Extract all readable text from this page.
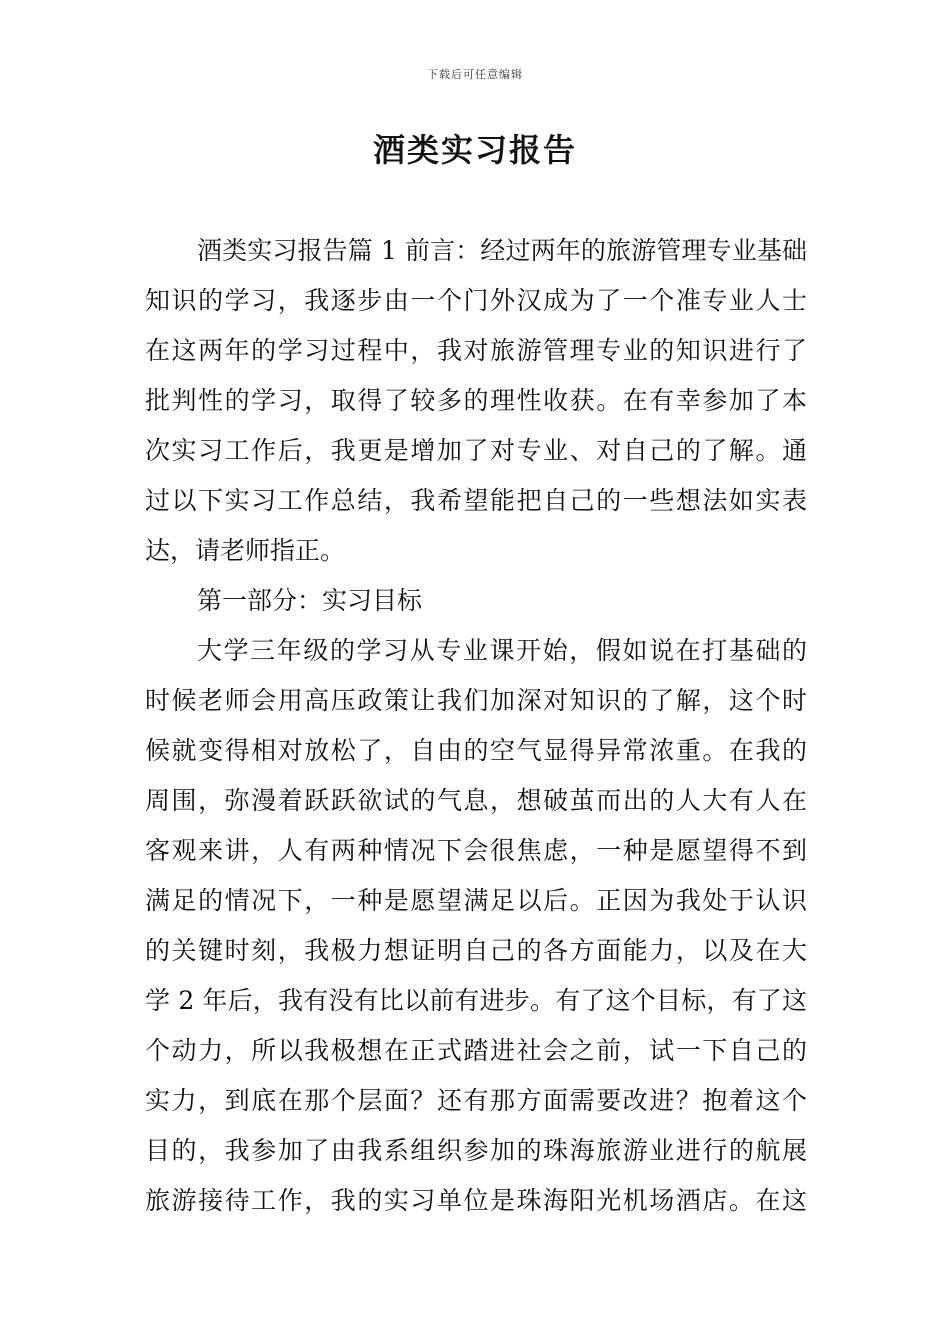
下载后可任意编辑
酒类实习报告
酒类实习报告篇 1 前言：经过两年的旅游管理专业基础
知识的学习，我逐步由一个门外汉成为了一个准专业人士
在这两年的学习过程中，我对旅游管理专业的知识进行了
批判性的学习，取得了较多的理性收获。在有幸参加了本
次实习工作后，我更是增加了对专业、对自己的了解。通
过以下实习工作总结，我希望能把自己的一些想法如实表
达，请老师指正。
第一部分：实习目标
大学三年级的学习从专业课开始，假如说在打基础的
时候老师会用高压政策让我们加深对知识的了解，这个时
候就变得相对放松了，自由的空气显得异常浓重。在我的
周围，弥漫着跃跃欲试的气息，想破茧而出的人大有人在
客观来讲，人有两种情况下会很焦虑，一种是愿望得不到
满足的情况下，一种是愿望满足以后。正因为我处于认识
的关键时刻，我极力想证明自己的各方面能力，以及在大
学 2 年后，我有没有比以前有进步。有了这个目标，有了这
个动力，所以我极想在正式踏进社会之前，试一下自己的
实力，到底在那个层面？还有那方面需要改进？抱着这个
目的，我参加了由我系组织参加的珠海旅游业进行的航展
旅游接待工作，我的实习单位是珠海阳光机场酒店。在这
